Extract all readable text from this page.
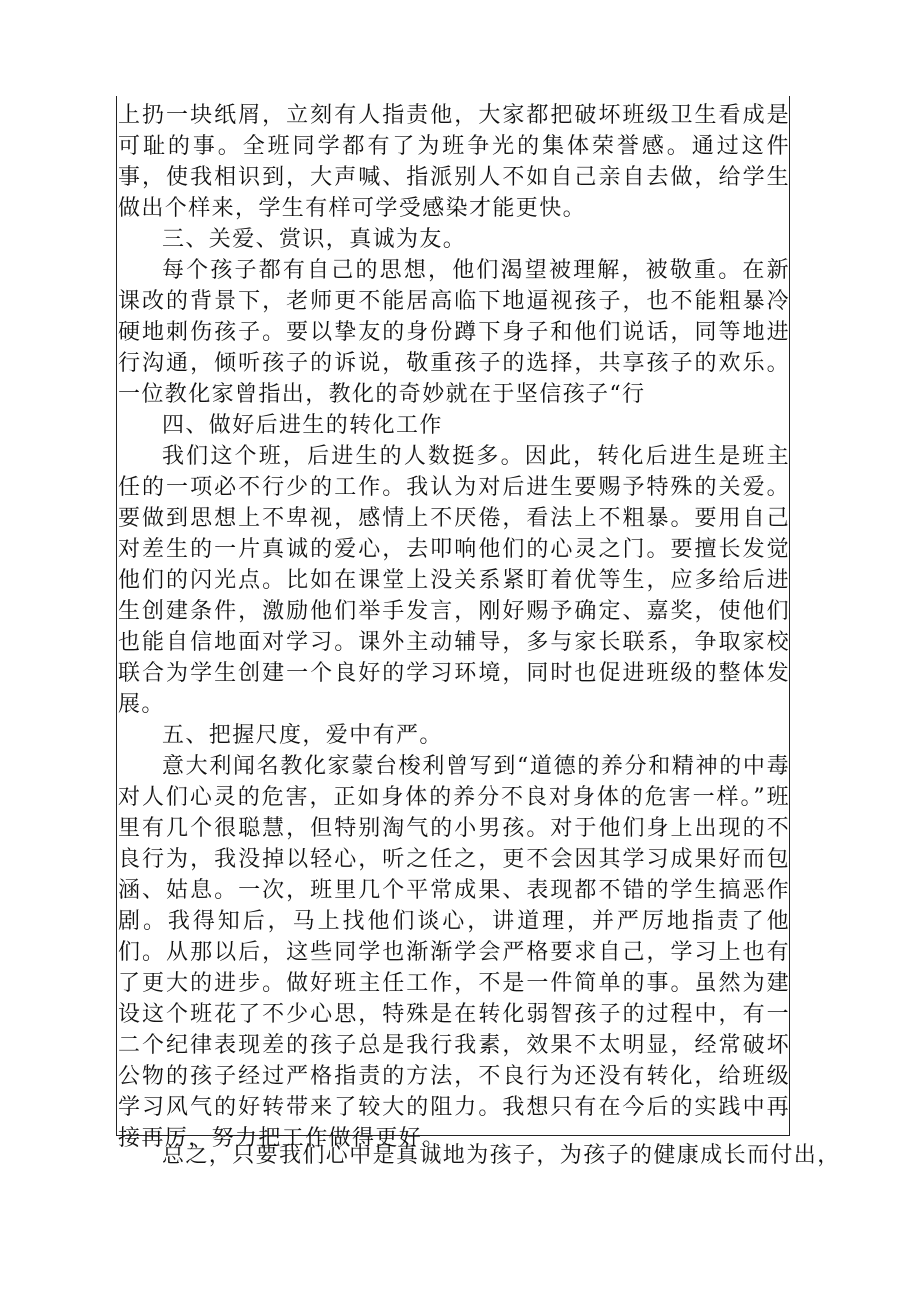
上扔一块纸屑，立刻有人指责他，大家都把破坏班级卫生看成是可耻的事。全班同学都有了为班争光的集体荣誉感。通过这件事，使我相识到，大声喊、指派别人不如自己亲自去做，给学生做出个样来，学生有样可学受感染才能更快。

三、关爱、赏识，真诚为友。

每个孩子都有自己的思想，他们渴望被理解，被敬重。在新课改的背景下，老师更不能居高临下地逼视孩子，也不能粗暴冷硬地刺伤孩子。要以挚友的身份蹲下身子和他们说话，同等地进行沟通，倾听孩子的诉说，敬重孩子的选择，共享孩子的欢乐。一位教化家曾指出，教化的奇妙就在于坚信孩子“行

四、做好后进生的转化工作

我们这个班，后进生的人数挺多。因此，转化后进生是班主任的一项必不行少的工作。我认为对后进生要赐予特殊的关爱。要做到思想上不卑视，感情上不厌倦，看法上不粗暴。要用自己对差生的一片真诚的爱心，去叩响他们的心灵之门。要擅长发觉他们的闪光点。比如在课堂上没关系紧盯着优等生，应多给后进生创建条件，激励他们举手发言，刚好赐予确定、嘉奖，使他们也能自信地面对学习。课外主动辅导，多与家长联系，争取家校联合为学生创建一个良好的学习环境，同时也促进班级的整体发展。

五、把握尺度，爱中有严。

意大利闻名教化家蒙台梭利曾写到“道德的养分和精神的中毒对人们心灵的危害，正如身体的养分不良对身体的危害一样。”班里有几个很聪慧，但特别淘气的小男孩。对于他们身上出现的不良行为，我没掉以轻心，听之任之，更不会因其学习成果好而包涵、姑息。一次，班里几个平常成果、表现都不错的学生搞恶作剧。我得知后，马上找他们谈心，讲道理，并严厉地指责了他们。从那以后，这些同学也渐渐学会严格要求自己，学习上也有了更大的进步。做好班主任工作，不是一件简单的事。虽然为建设这个班花了不少心思，特殊是在转化弱智孩子的过程中，有一二个纪律表现差的孩子总是我行我素，效果不太明显，经常破坏公物的孩子经过严格指责的方法，不良行为还没有转化，给班级学习风气的好转带来了较大的阻力。我想只有在今后的实践中再接再厉，努力把工作做得更好。

总之，只要我们心中是真诚地为孩子，为孩子的健康成长而付出，
